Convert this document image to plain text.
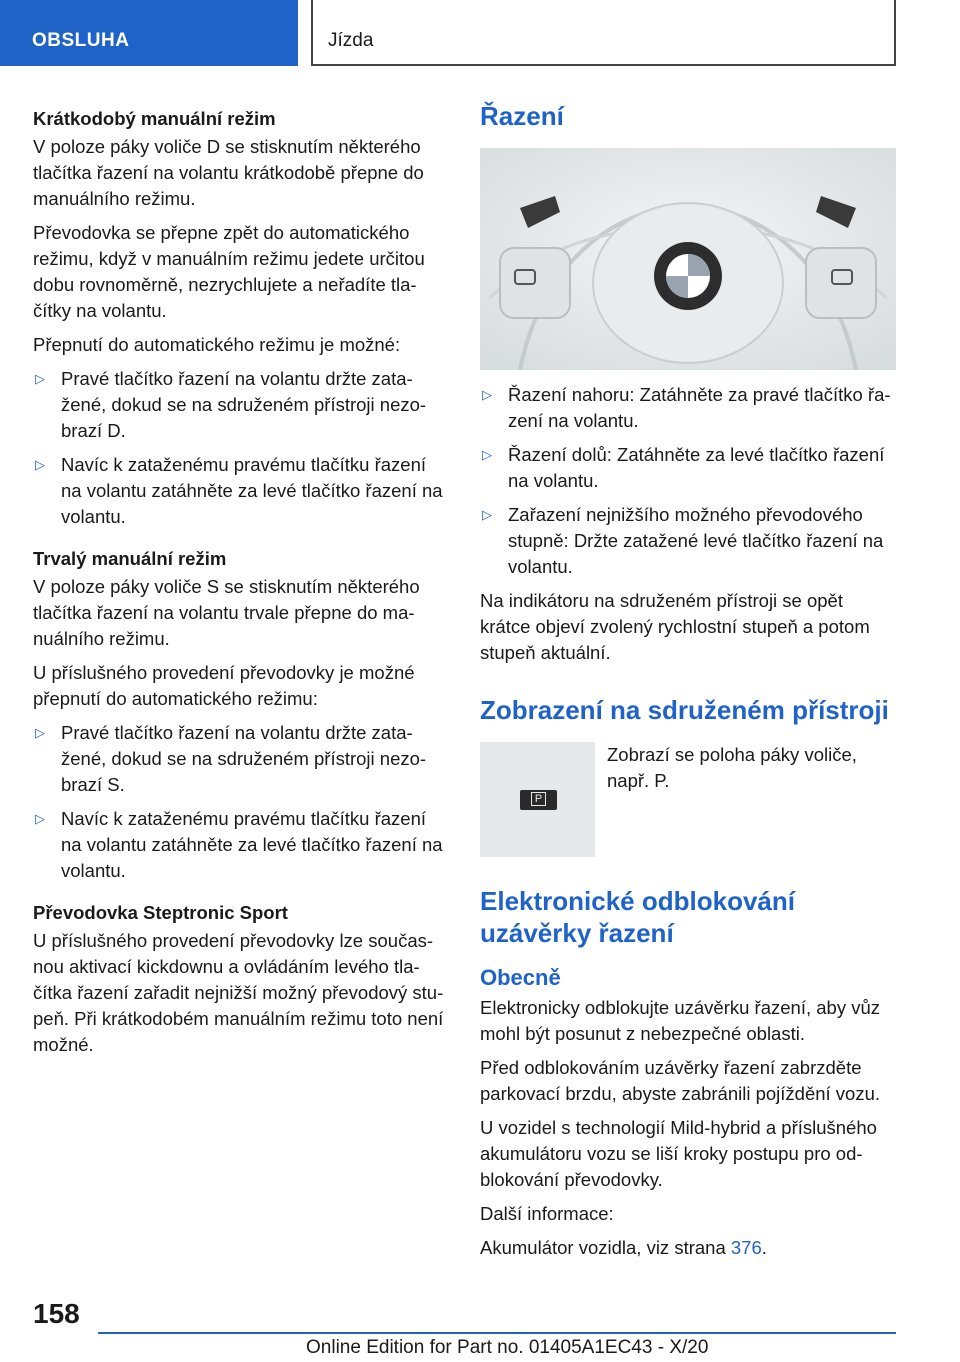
OBSLUHA	Jízda
Krátkodobý manuální režim

V poloze páky voliče D se stisknutím některého tlačítka řazení na volantu krátkodobě přepne do manuálního režimu.

Převodovka se přepne zpět do automatického režimu, když v manuálním režimu jedete určitou dobu rovnoměrně, nezrychlujete a neřadíte tla-čítky na volantu.

Přepnutí do automatického režimu je možné:

▷ Pravé tlačítko řazení na volantu držte zata-žené, dokud se na sdruženém přístroji nezo-brazí D.
▷ Navíc k zataženému pravému tlačítku řazení na volantu zatáhněte za levé tlačítko řazení na volantu.
Trvalý manuální režim

V poloze páky voliče S se stisknutím některého tlačítka řazení na volantu trvale přepne do ma-nuálního režimu.

U příslušného provedení převodovky je možné přepnutí do automatického režimu:

▷ Pravé tlačítko řazení na volantu držte zata-žené, dokud se na sdruženém přístroji nezo-brazí S.
▷ Navíc k zataženému pravému tlačítku řazení na volantu zatáhněte za levé tlačítko řazení na volantu.
Převodovka Steptronic Sport

U příslušného provedení převodovky lze součas-nou aktivací kickdownu a ovládáním levého tla-čítka řazení zařadit nejnižší možný převodový stu-peň. Při krátkodobém manuálním režimu toto není možné.

Řazení
▷ Řazení nahoru: Zatáhněte za pravé tlačítko řa-zení na volantu.
▷ Řazení dolů: Zatáhněte za levé tlačítko řazení na volantu.
▷ Zařazení nejnižšího možného převodového stupně: Držte zatažené levé tlačítko řazení na volantu.

Na indikátoru na sdruženém přístroji se opět krátce objeví zvolený rychlostní stupeň a potom stupeň aktuální.

Zobrazení na sdruženém přístroji
P
Zobrazí se poloha páky voliče, např. P.
Elektronické odblokování uzávěrky řazení
Obecně

Elektronicky odblokujte uzávěrku řazení, aby vůz mohl být posunut z nebezpečné oblasti.

Před odblokováním uzávěrky řazení zabrzděte parkovací brzdu, abyste zabránili pojíždění vozu.

U vozidel s technologií Mild-hybrid a příslušného akumulátoru vozu se liší kroky postupu pro od-blokování převodovky.

Další informace:

Akumulátor vozidla, viz strana 376.

158
Online Edition for Part no. 01405A1EC43 - X/20
